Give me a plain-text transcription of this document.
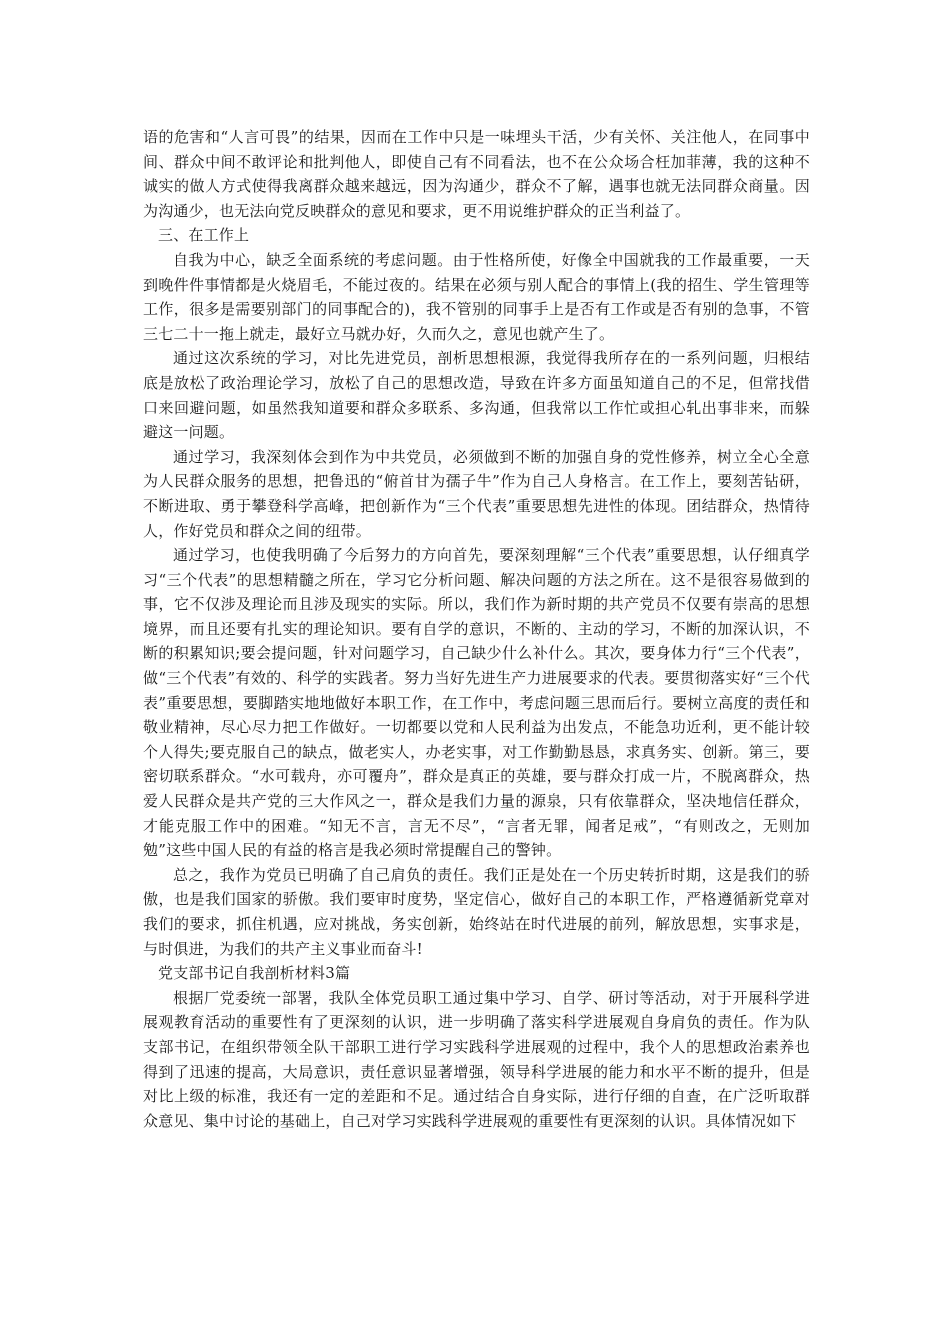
语的危害和“人言可畏”的结果，因而在工作中只是一味埋头干活，少有关怀、关注他人，在同事中间、群众中间不敢评论和批判他人，即使自己有不同看法，也不在公众场合枉加菲薄，我的这种不诚实的做人方式使得我离群众越来越远，因为沟通少，群众不了解，遇事也就无法同群众商量。因为沟通少，也无法向党反映群众的意见和要求，更不用说维护群众的正当利益了。

三、在工作上

自我为中心，缺乏全面系统的考虑问题。由于性格所使，好像全中国就我的工作最重要，一天到晚件件事情都是火烧眉毛，不能过夜的。结果在必须与别人配合的事情上(我的招生、学生管理等工作，很多是需要别部门的同事配合的)，我不管别的同事手上是否有工作或是否有别的急事，不管三七二十一拖上就走，最好立马就办好，久而久之，意见也就产生了。

通过这次系统的学习，对比先进党员，剖析思想根源，我觉得我所存在的一系列问题，归根结底是放松了政治理论学习，放松了自己的思想改造，导致在许多方面虽知道自己的不足，但常找借口来回避问题，如虽然我知道要和群众多联系、多沟通，但我常以工作忙或担心轧出事非来，而躲避这一问题。

通过学习，我深刻体会到作为中共党员，必须做到不断的加强自身的党性修养，树立全心全意为人民群众服务的思想，把鲁迅的“俯首甘为孺子牛”作为自己人身格言。在工作上，要刻苦钻研，不断进取、勇于攀登科学高峰，把创新作为“三个代表”重要思想先进性的体现。团结群众，热情待人，作好党员和群众之间的纽带。

通过学习，也使我明确了今后努力的方向首先，要深刻理解“三个代表”重要思想，认仔细真学习“三个代表”的思想精髓之所在，学习它分析问题、解决问题的方法之所在。这不是很容易做到的事，它不仅涉及理论而且涉及现实的实际。所以，我们作为新时期的共产党员不仅要有崇高的思想境界，而且还要有扎实的理论知识。要有自学的意识，不断的、主动的学习，不断的加深认识，不断的积累知识;要会提问题，针对问题学习，自己缺少什么补什么。其次，要身体力行“三个代表”，做“三个代表”有效的、科学的实践者。努力当好先进生产力进展要求的代表。要贯彻落实好“三个代表”重要思想，要脚踏实地地做好本职工作，在工作中，考虑问题三思而后行。要树立高度的责任和敬业精神，尽心尽力把工作做好。一切都要以党和人民利益为出发点，不能急功近利，更不能计较个人得失;要克服自己的缺点，做老实人，办老实事，对工作勤勤恳恳，求真务实、创新。第三，要密切联系群众。“水可载舟，亦可覆舟”，群众是真正的英雄，要与群众打成一片，不脱离群众，热爱人民群众是共产党的三大作风之一，群众是我们力量的源泉，只有依靠群众，坚决地信任群众，才能克服工作中的困难。“知无不言，言无不尽”，“言者无罪，闻者足戒”，“有则改之，无则加勉”这些中国人民的有益的格言是我必须时常提醒自己的警钟。

总之，我作为党员已明确了自己肩负的责任。我们正是处在一个历史转折时期，这是我们的骄傲，也是我们国家的骄傲。我们要审时度势，坚定信心，做好自己的本职工作，严格遵循新党章对我们的要求，抓住机遇，应对挑战，务实创新，始终站在时代进展的前列，解放思想，实事求是，与时俱进，为我们的共产主义事业而奋斗!

党支部书记自我剖析材料3篇

根据厂党委统一部署，我队全体党员职工通过集中学习、自学、研讨等活动，对于开展科学进展观教育活动的重要性有了更深刻的认识，进一步明确了落实科学进展观自身肩负的责任。作为队支部书记，在组织带领全队干部职工进行学习实践科学进展观的过程中，我个人的思想政治素养也得到了迅速的提高，大局意识，责任意识显著增强，领导科学进展的能力和水平不断的提升，但是对比上级的标准，我还有一定的差距和不足。通过结合自身实际，进行仔细的自查，在广泛听取群众意见、集中讨论的基础上，自己对学习实践科学进展观的重要性有更深刻的认识。具体情况如下
